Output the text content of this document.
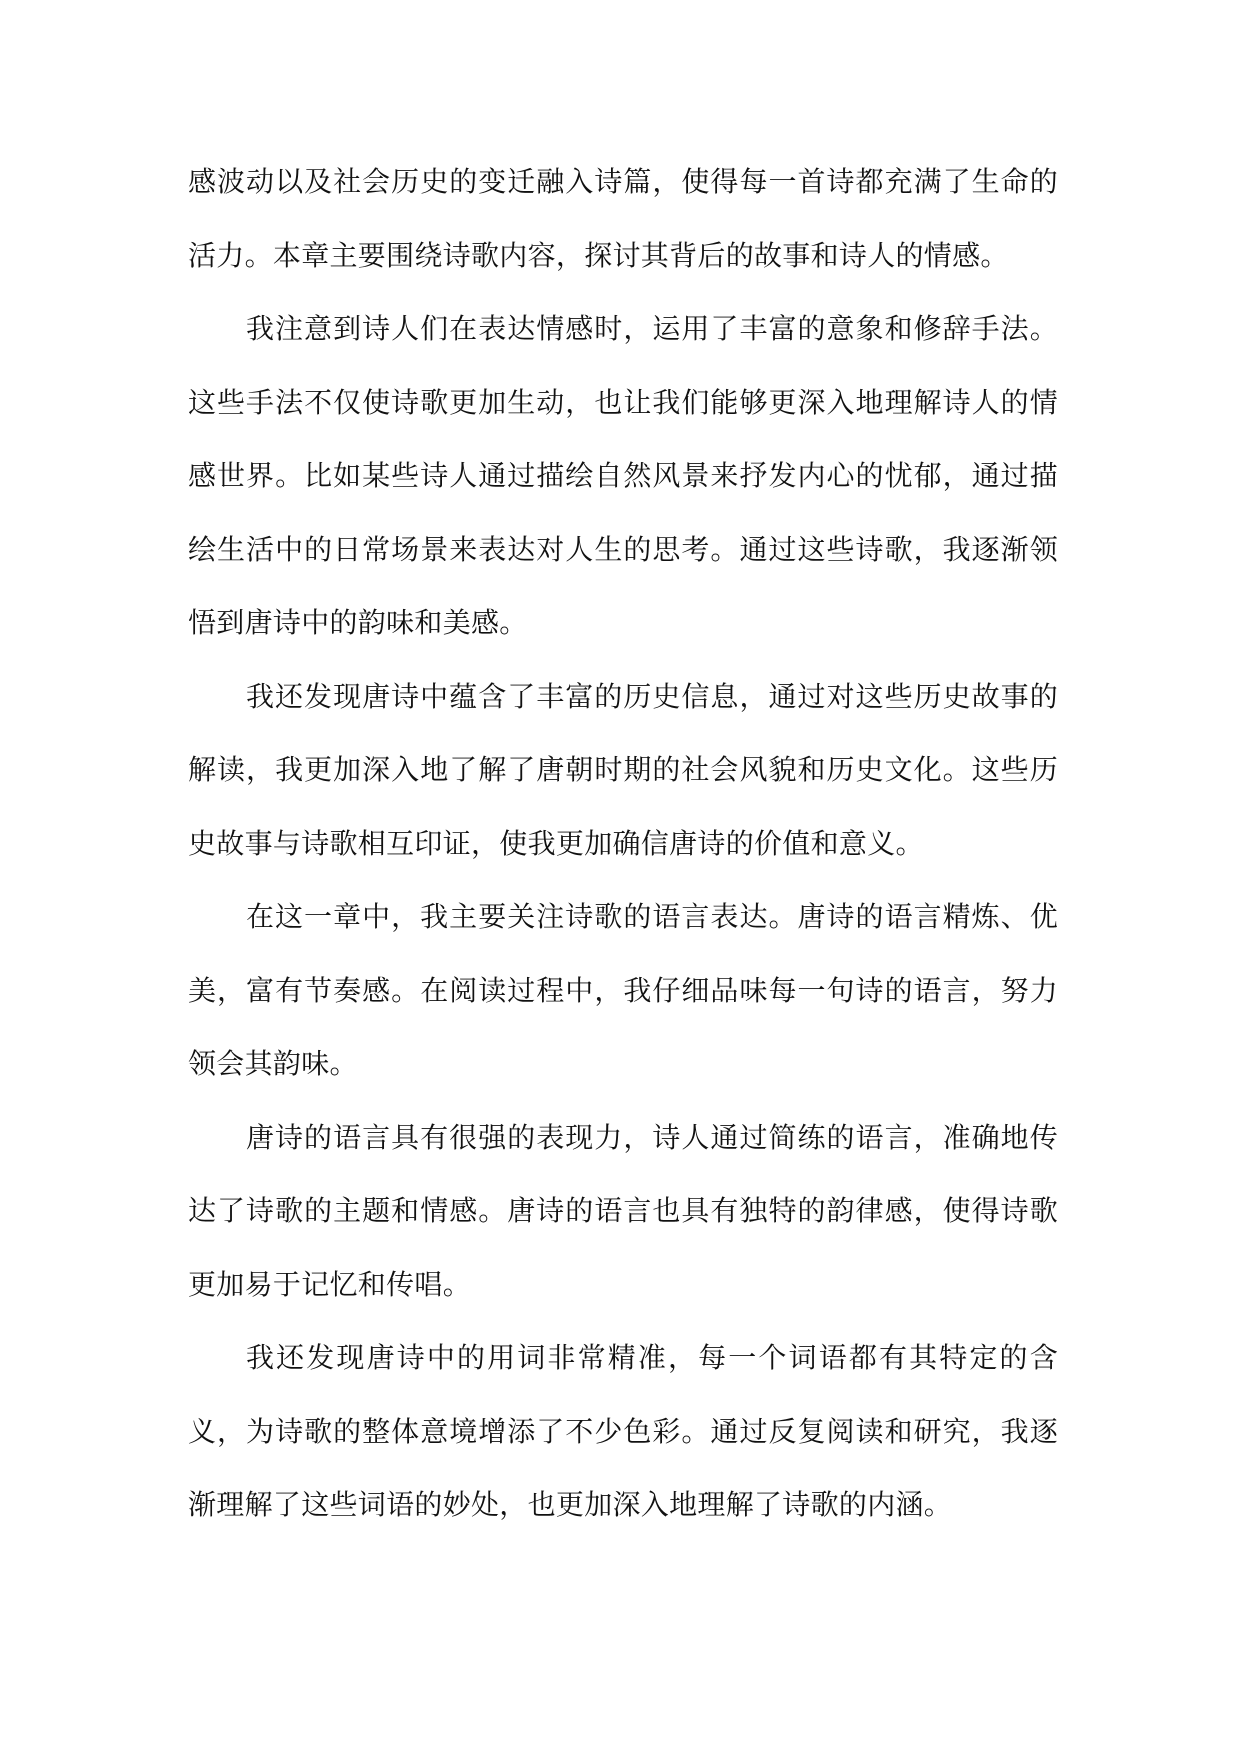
感波动以及社会历史的变迁融入诗篇，使得每一首诗都充满了生命的活力。本章主要围绕诗歌内容，探讨其背后的故事和诗人的情感。

我注意到诗人们在表达情感时，运用了丰富的意象和修辞手法。这些手法不仅使诗歌更加生动，也让我们能够更深入地理解诗人的情感世界。比如某些诗人通过描绘自然风景来抒发内心的忧郁，通过描绘生活中的日常场景来表达对人生的思考。通过这些诗歌，我逐渐领悟到唐诗中的韵味和美感。

我还发现唐诗中蕴含了丰富的历史信息，通过对这些历史故事的解读，我更加深入地了解了唐朝时期的社会风貌和历史文化。这些历史故事与诗歌相互印证，使我更加确信唐诗的价值和意义。

在这一章中，我主要关注诗歌的语言表达。唐诗的语言精炼、优美，富有节奏感。在阅读过程中，我仔细品味每一句诗的语言，努力领会其韵味。

唐诗的语言具有很强的表现力，诗人通过简练的语言，准确地传达了诗歌的主题和情感。唐诗的语言也具有独特的韵律感，使得诗歌更加易于记忆和传唱。

我还发现唐诗中的用词非常精准，每一个词语都有其特定的含义，为诗歌的整体意境增添了不少色彩。通过反复阅读和研究，我逐渐理解了这些词语的妙处，也更加深入地理解了诗歌的内涵。
